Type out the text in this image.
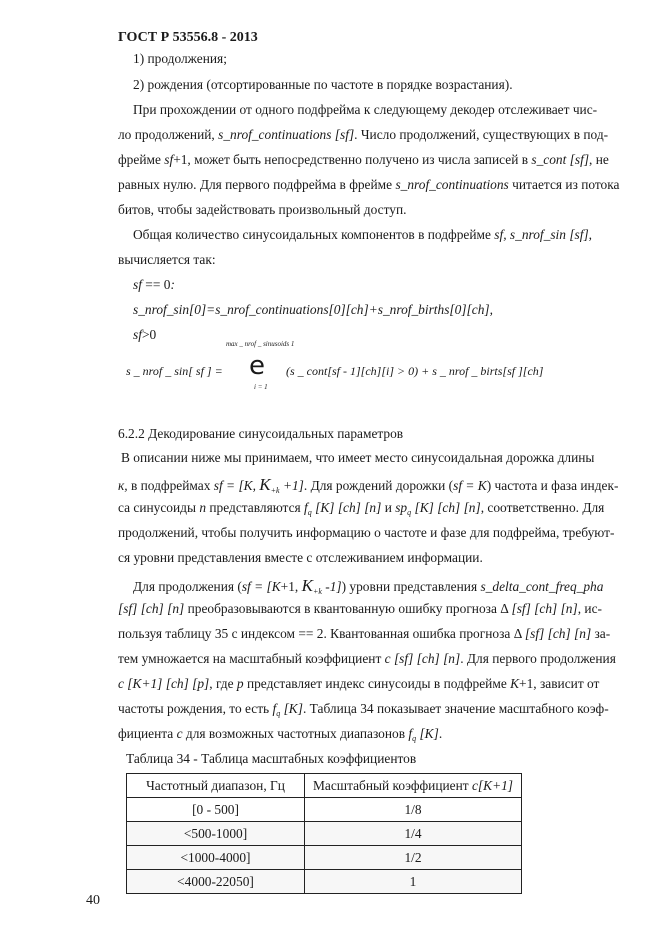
ГОСТ Р 53556.8 - 2013
1) продолжения;
2) рождения (отсортированные по частоте в порядке возрастания).
При прохождении от одного подфрейма к следующему декодер отслеживает чис-
ло продолжений, s_nrof_continuations [sf]. Число продолжений, существующих в под-
фрейме sf+1, может быть непосредственно получено из числа записей в s_cont [sf], не
равных нулю. Для первого подфрейма в фрейме s_nrof_continuations читается из потока
битов, чтобы задействовать произвольный доступ.
Общая количество синусоидальных компонентов в подфрейме sf, s_nrof_sin [sf],
вычисляется так:
sf == 0:
s_nrof_sin[0]=s_nrof_continuations[0][ch]+s_nrof_births[0][ch],
sf>0
s _ nrof _ sin[ sf ] =
max _ nrof _ sinusoids 1
е
i = 1
(s _ cont[sf - 1][ch][i] > 0) + s _ nrof _ birts[sf ][ch]
6.2.2 Декодирование синусоидальных параметров
В описании ниже мы принимаем, что имеет место синусоидальная дорожка длины
к, в подфреймах sf = [K, $K_{+k} +1$]. Для рождений дорожки (sf = K) частота и фаза индек-
са синусоиды n представляются $f_q$ [K] [ch] [n] и $sp_q$ [K] [ch] [n], соответственно. Для
продолжений, чтобы получить информацию о частоте и фазе для подфрейма, требуют-
ся уровни представления вместе с отслеживанием информации.
Для продолжения (sf = [K+1, $K_{+k}$ -1]) уровни представления s_delta_cont_freq_pha
[sf] [ch] [n] преобразовываются в квантованную ошибку прогноза Δ [sf] [ch] [n], ис-
пользуя таблицу 35 с индексом == 2. Квантованная ошибка прогноза Δ [sf] [ch] [n] за-
тем умножается на масштабный коэффициент с [sf] [ch] [n]. Для первого продолжения
с [K+1] [ch] [p], где р представляет индекс синусоиды в подфрейме K+1, зависит от
частоты рождения, то есть $f_q$ [K]. Таблица 34 показывает значение масштабного коэф-
фициента с для возможных частотных диапазонов $f_q$ [K].
Таблица 34 - Таблица масштабных коэффициентов
Частотный диапазон, Гц	Масштабный коэффициент c[K+1]
[0 - 500]	1/8
<500-1000]	1/4
<1000-4000]	1/2
<4000-22050]	1
40
